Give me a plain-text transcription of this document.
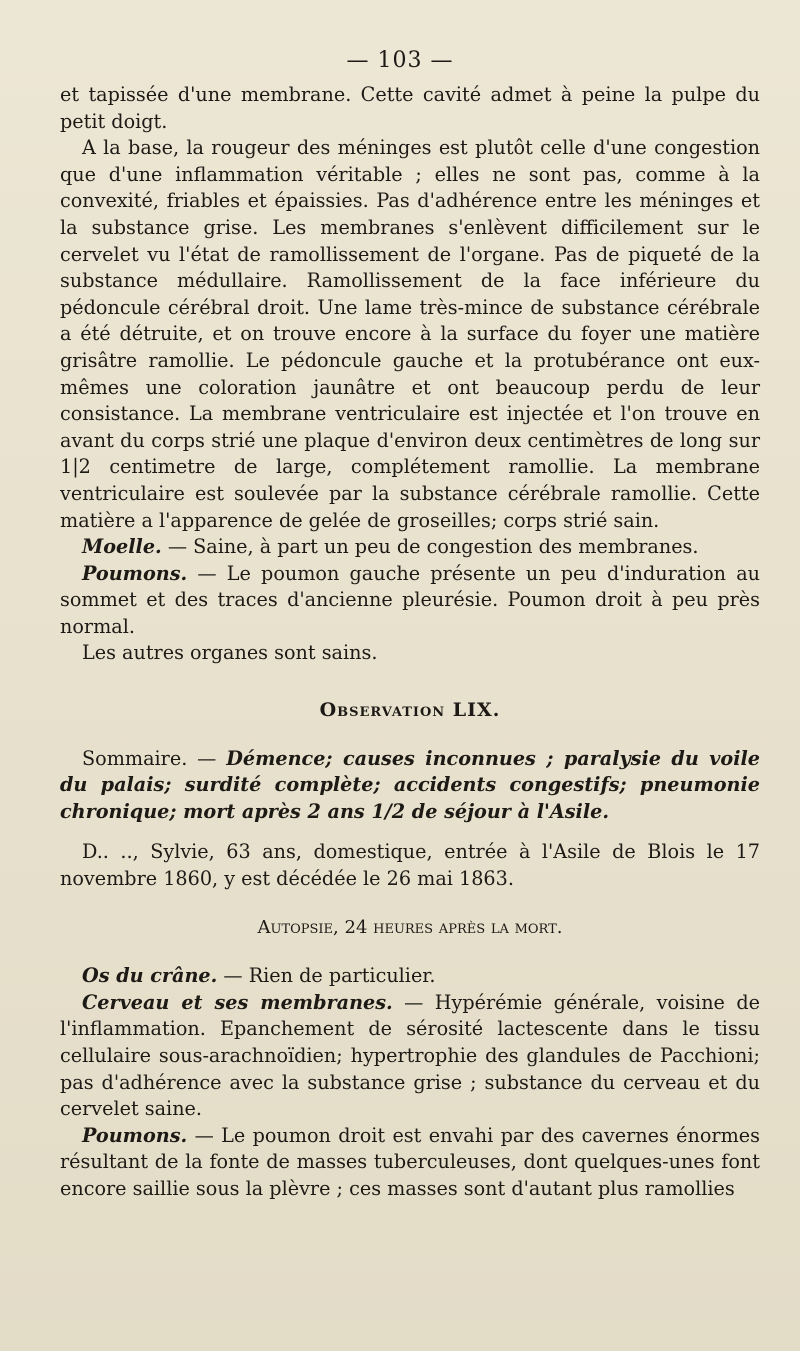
— 103 —

et tapissée d'une membrane. Cette cavité admet à peine la pulpe du petit doigt.

A la base, la rougeur des méninges est plutôt celle d'une congestion que d'une inflammation véritable ; elles ne sont pas, comme à la convexité, friables et épaissies. Pas d'adhérence entre les méninges et la substance grise. Les membranes s'enlèvent difficilement sur le cervelet vu l'état de ramollissement de l'organe. Pas de piqueté de la substance médullaire. Ramollissement de la face inférieure du pédoncule cérébral droit. Une lame très-mince de substance cérébrale a été détruite, et on trouve encore à la surface du foyer une matière grisâtre ramollie. Le pédoncule gauche et la protubérance ont eux-mêmes une coloration jaunâtre et ont beaucoup perdu de leur consistance. La membrane ventriculaire est injectée et l'on trouve en avant du corps strié une plaque d'environ deux centimètres de long sur 1|2 centimetre de large, complétement ramollie. La membrane ventriculaire est soulevée par la substance cérébrale ramollie. Cette matière a l'apparence de gelée de groseilles; corps strié sain.

Moelle. — Saine, à part un peu de congestion des membranes.

Poumons. — Le poumon gauche présente un peu d'induration au sommet et des traces d'ancienne pleurésie. Poumon droit à peu près normal.

Les autres organes sont sains.

Observation LIX.

Sommaire. — Démence; causes inconnues ; paralysie du voile du palais; surdité complète; accidents congestifs; pneumonie chronique; mort après 2 ans 1/2 de séjour à l'Asile.

D.. .., Sylvie, 63 ans, domestique, entrée à l'Asile de Blois le 17 novembre 1860, y est décédée le 26 mai 1863.

Autopsie, 24 heures après la mort.

Os du crâne. — Rien de particulier.

Cerveau et ses membranes. — Hypérémie générale, voisine de l'inflammation. Epanchement de sérosité lactescente dans le tissu cellulaire sous-arachnoïdien; hypertrophie des glandules de Pacchioni; pas d'adhérence avec la substance grise ; substance du cerveau et du cervelet saine.

Poumons. — Le poumon droit est envahi par des cavernes énormes résultant de la fonte de masses tuberculeuses, dont quelques-unes font encore saillie sous la plèvre ; ces masses sont d'autant plus ramollies
